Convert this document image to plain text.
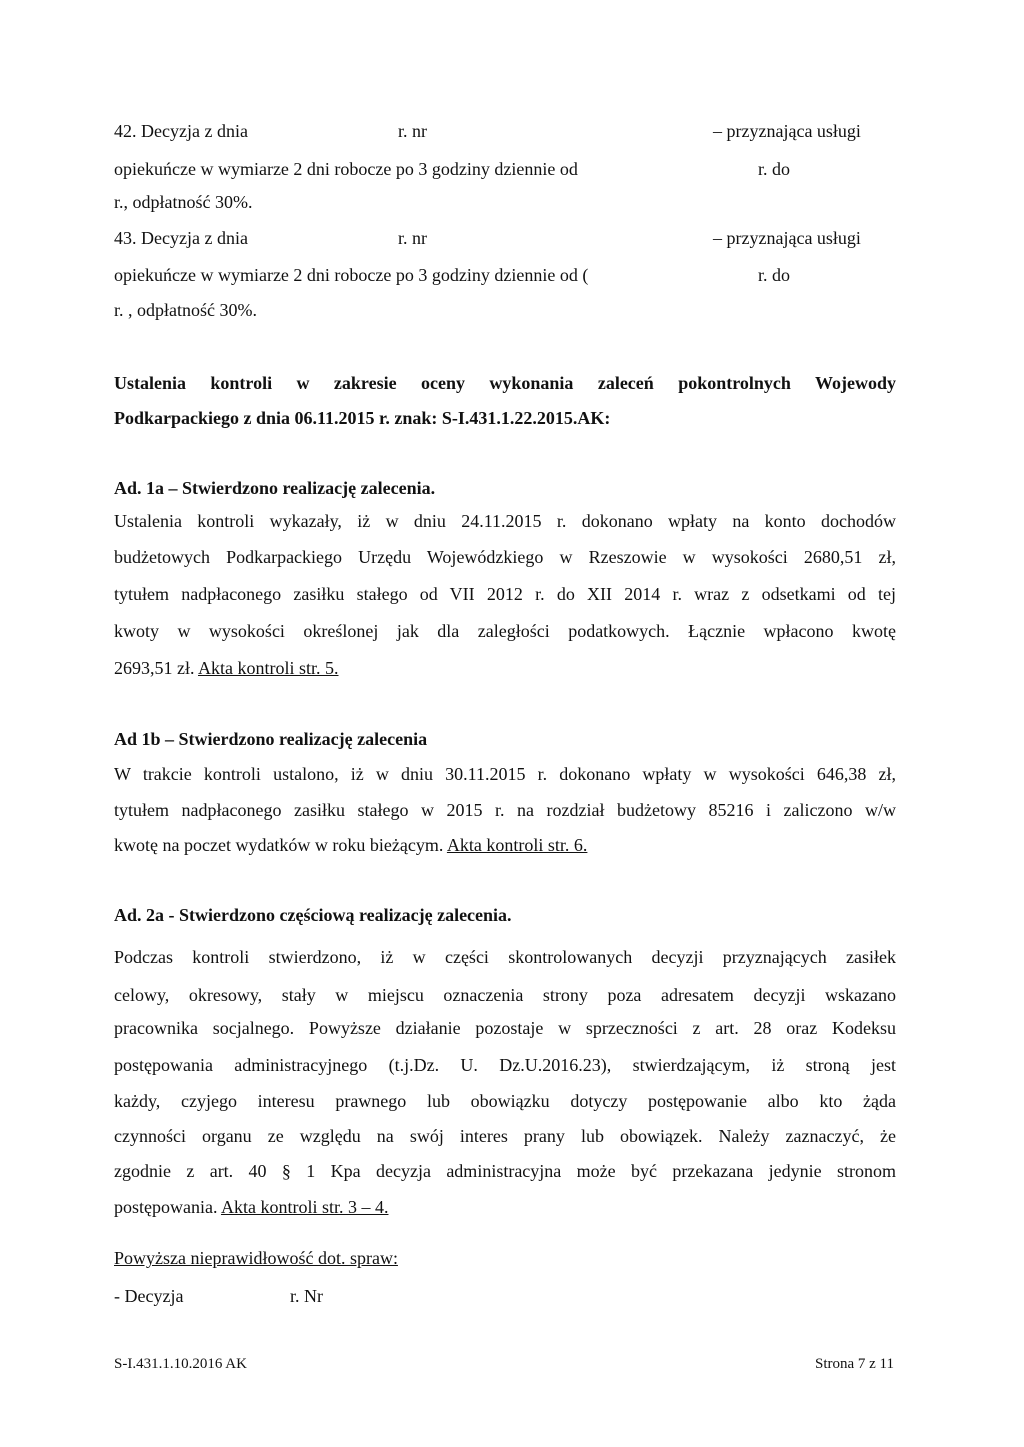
42. Decyzja z dnia	r. nr	– przyznająca usługi
opiekuńcze w wymiarze 2 dni robocze po 3 godziny dziennie od	r. do
r., odpłatność 30%.
43. Decyzja z dnia	r. nr	– przyznająca usługi
opiekuńcze w wymiarze 2 dni robocze po 3 godziny dziennie od (	r. do
r. , odpłatność 30%.
Ustalenia kontroli w zakresie oceny wykonania zaleceń pokontrolnych Wojewody
Podkarpackiego z dnia 06.11.2015 r. znak: S-I.431.1.22.2015.AK:
Ad. 1a – Stwierdzono realizację zalecenia.
Ustalenia kontroli wykazały, iż w dniu 24.11.2015 r. dokonano wpłaty na konto dochodów
budżetowych Podkarpackiego Urzędu Wojewódzkiego w Rzeszowie w wysokości 2680,51 zł,
tytułem nadpłaconego zasiłku stałego od VII 2012 r. do XII 2014 r. wraz z odsetkami od tej
kwoty w wysokości określonej jak dla zaległości podatkowych. Łącznie wpłacono kwotę
2693,51 zł. Akta kontroli str. 5.
Ad 1b – Stwierdzono realizację zalecenia
W trakcie kontroli ustalono, iż w dniu 30.11.2015 r. dokonano wpłaty w wysokości 646,38 zł,
tytułem nadpłaconego zasiłku stałego w 2015 r. na rozdział budżetowy 85216 i zaliczono w/w
kwotę na poczet wydatków w roku bieżącym. Akta kontroli str. 6.
Ad. 2a - Stwierdzono częściową realizację zalecenia.
Podczas kontroli stwierdzono, iż w części skontrolowanych decyzji przyznających zasiłek
celowy, okresowy, stały w miejscu oznaczenia strony poza adresatem decyzji wskazano
pracownika socjalnego. Powyższe działanie pozostaje w sprzeczności z art. 28 oraz Kodeksu
postępowania administracyjnego (t.j.Dz. U. Dz.U.2016.23), stwierdzającym, iż stroną jest
każdy, czyjego interesu prawnego lub obowiązku dotyczy postępowanie albo kto żąda
czynności organu ze względu na swój interes prany lub obowiązek. Należy zaznaczyć, że
zgodnie z art. 40 § 1 Kpa decyzja administracyjna może być przekazana jedynie stronom
postępowania. Akta kontroli str. 3 – 4.
Powyższa nieprawidłowość dot. spraw:
- Decyzja	r. Nr
S-I.431.1.10.2016 AK	Strona 7 z 11
